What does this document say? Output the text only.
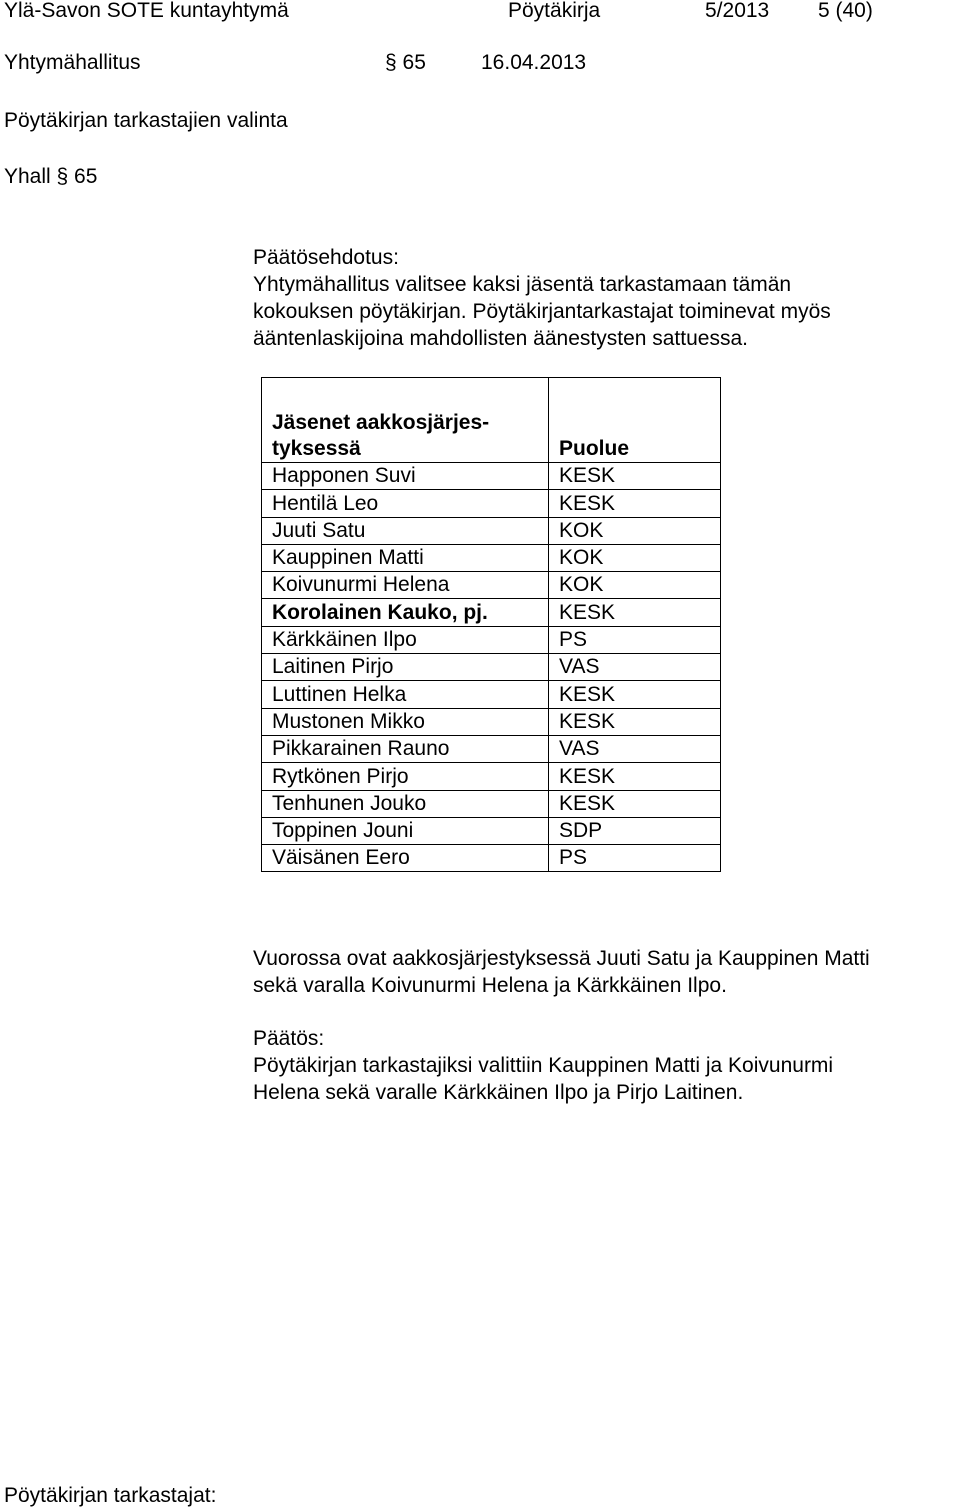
Ylä-Savon SOTE kuntayhtymä	Pöytäkirja	5/2013 5 (40)
Yhtymähallitus	§ 65	16.04.2013
Pöytäkirjan tarkastajien valinta
Yhall § 65
Päätösehdotus:
Yhtymähallitus valitsee kaksi jäsentä tarkastamaan tämän
kokouksen pöytäkirjan. Pöytäkirjantarkastajat toiminevat myös
ääntenlaskijoina mahdollisten äänestysten sattuessa.
Jäsenet aakkosjärjes-
tyksessä	Puolue
Happonen Suvi	KESK
Hentilä Leo	KESK
Juuti Satu	KOK
Kauppinen Matti	KOK
Koivunurmi Helena	KOK
Korolainen Kauko, pj.	KESK
Kärkkäinen Ilpo	PS
Laitinen Pirjo	VAS
Luttinen Helka	KESK
Mustonen Mikko	KESK
Pikkarainen Rauno	VAS
Rytkönen Pirjo	KESK
Tenhunen Jouko	KESK
Toppinen Jouni	SDP
Väisänen Eero	PS
Vuorossa ovat aakkosjärjestyksessä Juuti Satu ja Kauppinen Matti
sekä varalla Koivunurmi Helena ja Kärkkäinen Ilpo.
Päätös:
Pöytäkirjan tarkastajiksi valittiin Kauppinen Matti ja Koivunurmi
Helena sekä varalle Kärkkäinen Ilpo ja Pirjo Laitinen.
Pöytäkirjan tarkastajat:
